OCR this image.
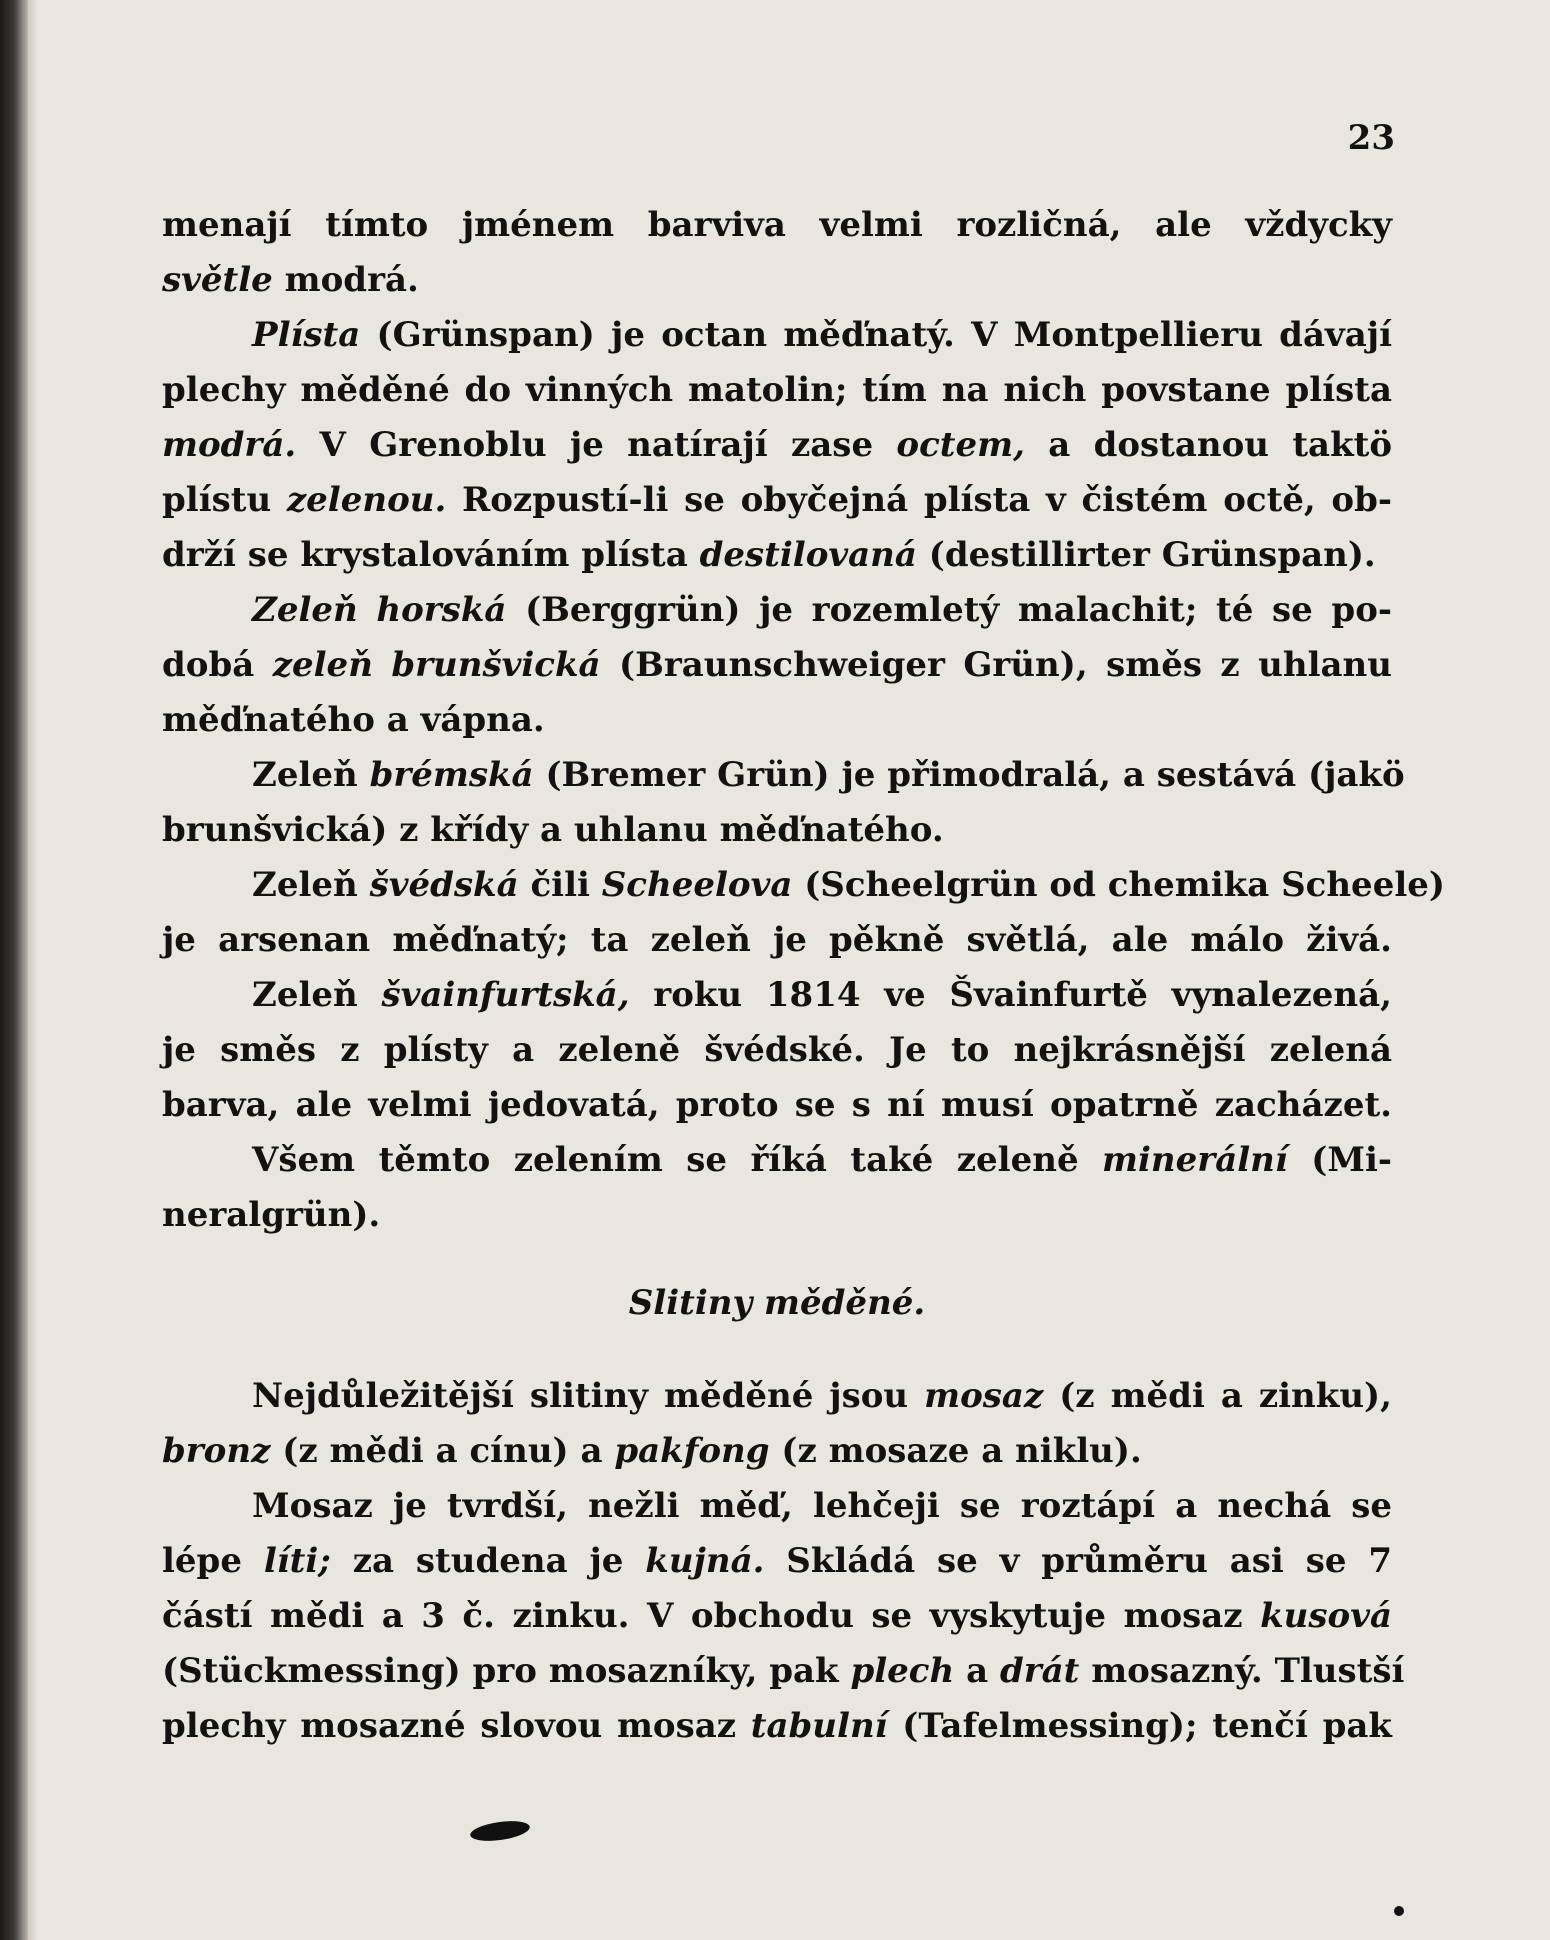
23
menají tímto jménem barviva velmi rozličná, ale vždycky
světle modrá.
Plísta (Grünspan) je octan měďnatý. V Montpellieru dávají
plechy měděné do vinných matolin; tím na nich povstane plísta
modrá. V Grenoblu je natírají zase octem, a dostanou taktö
plístu zelenou. Rozpustí-li se obyčejná plísta v čistém octě, ob-
drží se krystalováním plísta destilovaná (destillirter Grünspan).
Zeleň horská (Berggrün) je rozemletý malachit; té se po-
dobá zeleň brunšvická (Braunschweiger Grün), směs z uhlanu
měďnatého a vápna.
Zeleň brémská (Bremer Grün) je přimodralá, a sestává (jakö
brunšvická) z křídy a uhlanu měďnatého.
Zeleň švédská čili Scheelova (Scheelgrün od chemika Scheele)
je arsenan měďnatý; ta zeleň je pěkně světlá, ale málo živá.
Zeleň švainfurtská, roku 1814 ve Švainfurtě vynalezená,
je směs z plísty a zeleně švédské. Je to nejkrásnější zelená
barva, ale velmi jedovatá, proto se s ní musí opatrně zacházet.
Všem těmto zelením se říká také zeleně minerální (Mi-
neralgrün).
Slitiny měděné.
Nejdůležitější slitiny měděné jsou mosaz (z mědi a zinku),
bronz (z mědi a cínu) a pakfong (z mosaze a niklu).
Mosaz je tvrdší, nežli měď, lehčeji se roztápí a nechá se
lépe líti; za studena je kujná. Skládá se v průměru asi se 7
částí mědi a 3 č. zinku. V obchodu se vyskytuje mosaz kusová
(Stückmessing) pro mosazníky, pak plech a drát mosazný. Tlustší
plechy mosazné slovou mosaz tabulní (Tafelmessing); tenčí pak
